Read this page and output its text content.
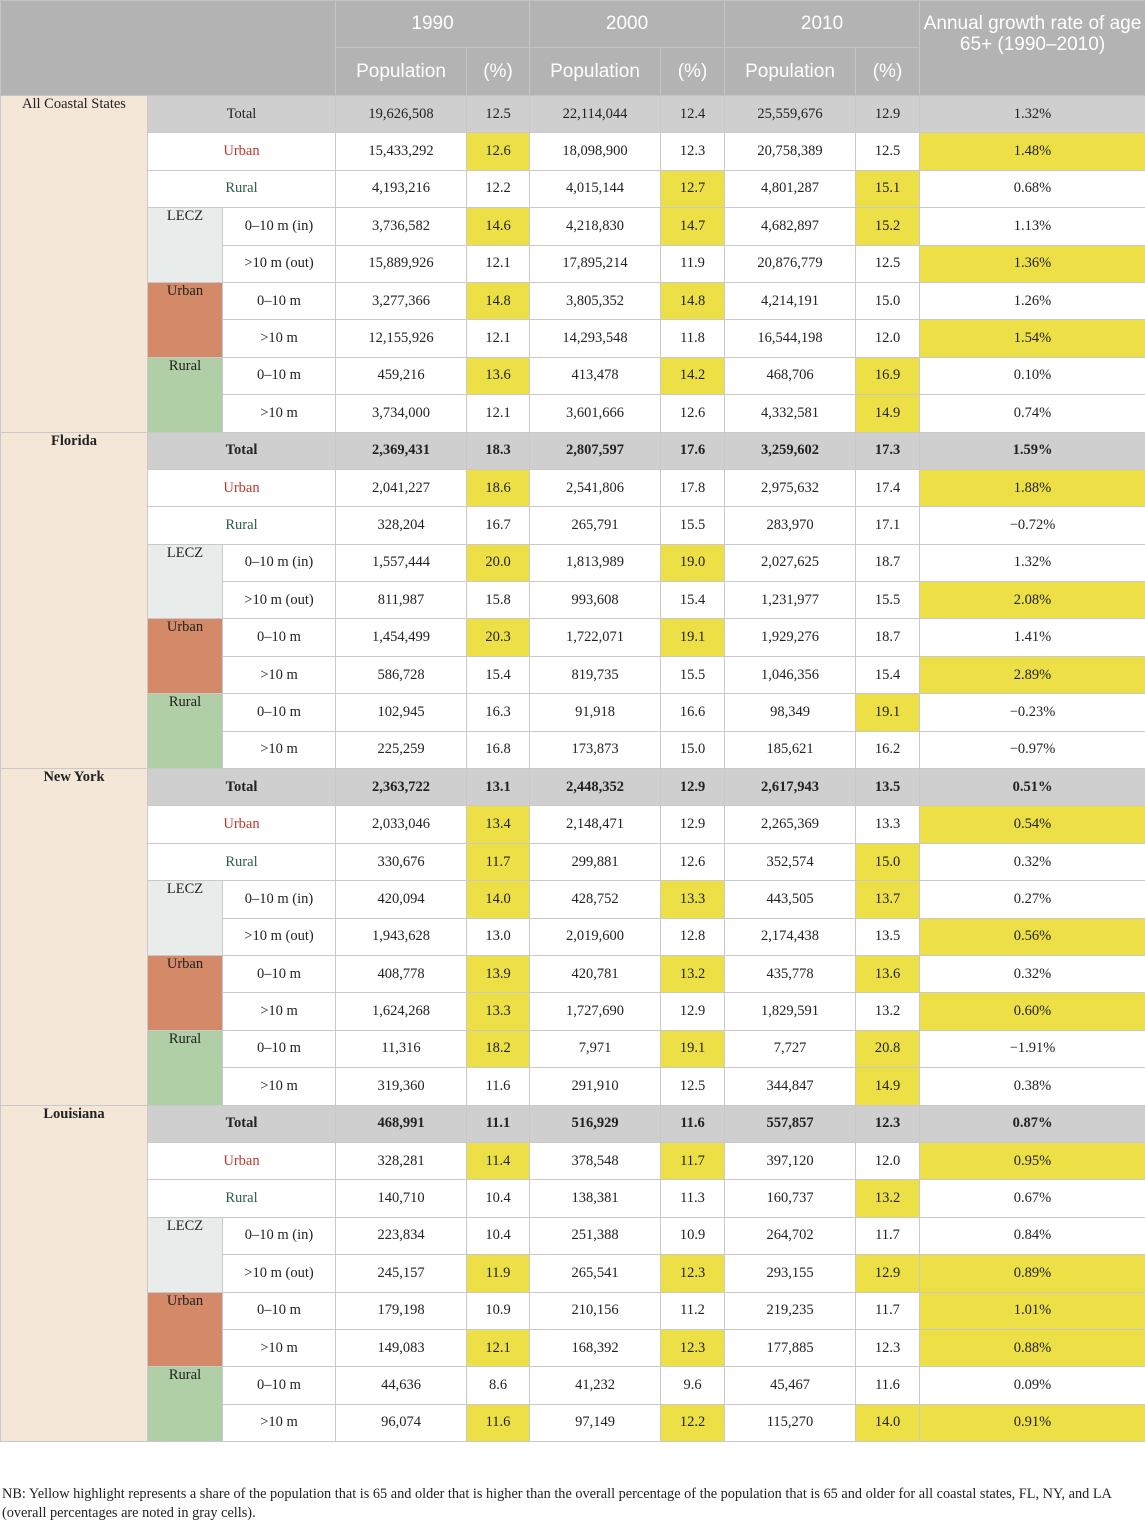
			1990		2000		2010		Annual growth rate of age 65+ (1990–2010)
			Population	(%)	Population	(%)	Population	(%)	
All Coastal States	Total		19,626,508	12.5	22,114,044	12.4	25,559,676	12.9	1.32%
	Urban		15,433,292	12.6	18,098,900	12.3	20,758,389	12.5	1.48%
	Rural		4,193,216	12.2	4,015,144	12.7	4,801,287	15.1	0.68%
	LECZ	0–10 m (in)	3,736,582	14.6	4,218,830	14.7	4,682,897	15.2	1.13%
		>10 m (out)	15,889,926	12.1	17,895,214	11.9	20,876,779	12.5	1.36%
	Urban	0–10 m	3,277,366	14.8	3,805,352	14.8	4,214,191	15.0	1.26%
		>10 m	12,155,926	12.1	14,293,548	11.8	16,544,198	12.0	1.54%
	Rural	0–10 m	459,216	13.6	413,478	14.2	468,706	16.9	0.10%
		>10 m	3,734,000	12.1	3,601,666	12.6	4,332,581	14.9	0.74%
Florida	Total		2,369,431	18.3	2,807,597	17.6	3,259,602	17.3	1.59%
	Urban		2,041,227	18.6	2,541,806	17.8	2,975,632	17.4	1.88%
	Rural		328,204	16.7	265,791	15.5	283,970	17.1	−0.72%
	LECZ	0–10 m (in)	1,557,444	20.0	1,813,989	19.0	2,027,625	18.7	1.32%
		>10 m (out)	811,987	15.8	993,608	15.4	1,231,977	15.5	2.08%
	Urban	0–10 m	1,454,499	20.3	1,722,071	19.1	1,929,276	18.7	1.41%
		>10 m	586,728	15.4	819,735	15.5	1,046,356	15.4	2.89%
	Rural	0–10 m	102,945	16.3	91,918	16.6	98,349	19.1	−0.23%
		>10 m	225,259	16.8	173,873	15.0	185,621	16.2	−0.97%
New York	Total		2,363,722	13.1	2,448,352	12.9	2,617,943	13.5	0.51%
	Urban		2,033,046	13.4	2,148,471	12.9	2,265,369	13.3	0.54%
	Rural		330,676	11.7	299,881	12.6	352,574	15.0	0.32%
	LECZ	0–10 m (in)	420,094	14.0	428,752	13.3	443,505	13.7	0.27%
		>10 m (out)	1,943,628	13.0	2,019,600	12.8	2,174,438	13.5	0.56%
	Urban	0–10 m	408,778	13.9	420,781	13.2	435,778	13.6	0.32%
		>10 m	1,624,268	13.3	1,727,690	12.9	1,829,591	13.2	0.60%
	Rural	0–10 m	11,316	18.2	7,971	19.1	7,727	20.8	−1.91%
		>10 m	319,360	11.6	291,910	12.5	344,847	14.9	0.38%
Louisiana	Total		468,991	11.1	516,929	11.6	557,857	12.3	0.87%
	Urban		328,281	11.4	378,548	11.7	397,120	12.0	0.95%
	Rural		140,710	10.4	138,381	11.3	160,737	13.2	0.67%
	LECZ	0–10 m (in)	223,834	10.4	251,388	10.9	264,702	11.7	0.84%
		>10 m (out)	245,157	11.9	265,541	12.3	293,155	12.9	0.89%
	Urban	0–10 m	179,198	10.9	210,156	11.2	219,235	11.7	1.01%
		>10 m	149,083	12.1	168,392	12.3	177,885	12.3	0.88%
	Rural	0–10 m	44,636	8.6	41,232	9.6	45,467	11.6	0.09%
		>10 m	96,074	11.6	97,149	12.2	115,270	14.0	0.91%
NB: Yellow highlight represents a share of the population that is 65 and older that is higher than the overall percentage of the population that is 65 and older for all coastal states, FL, NY, and LA (overall percentages are noted in gray cells).
